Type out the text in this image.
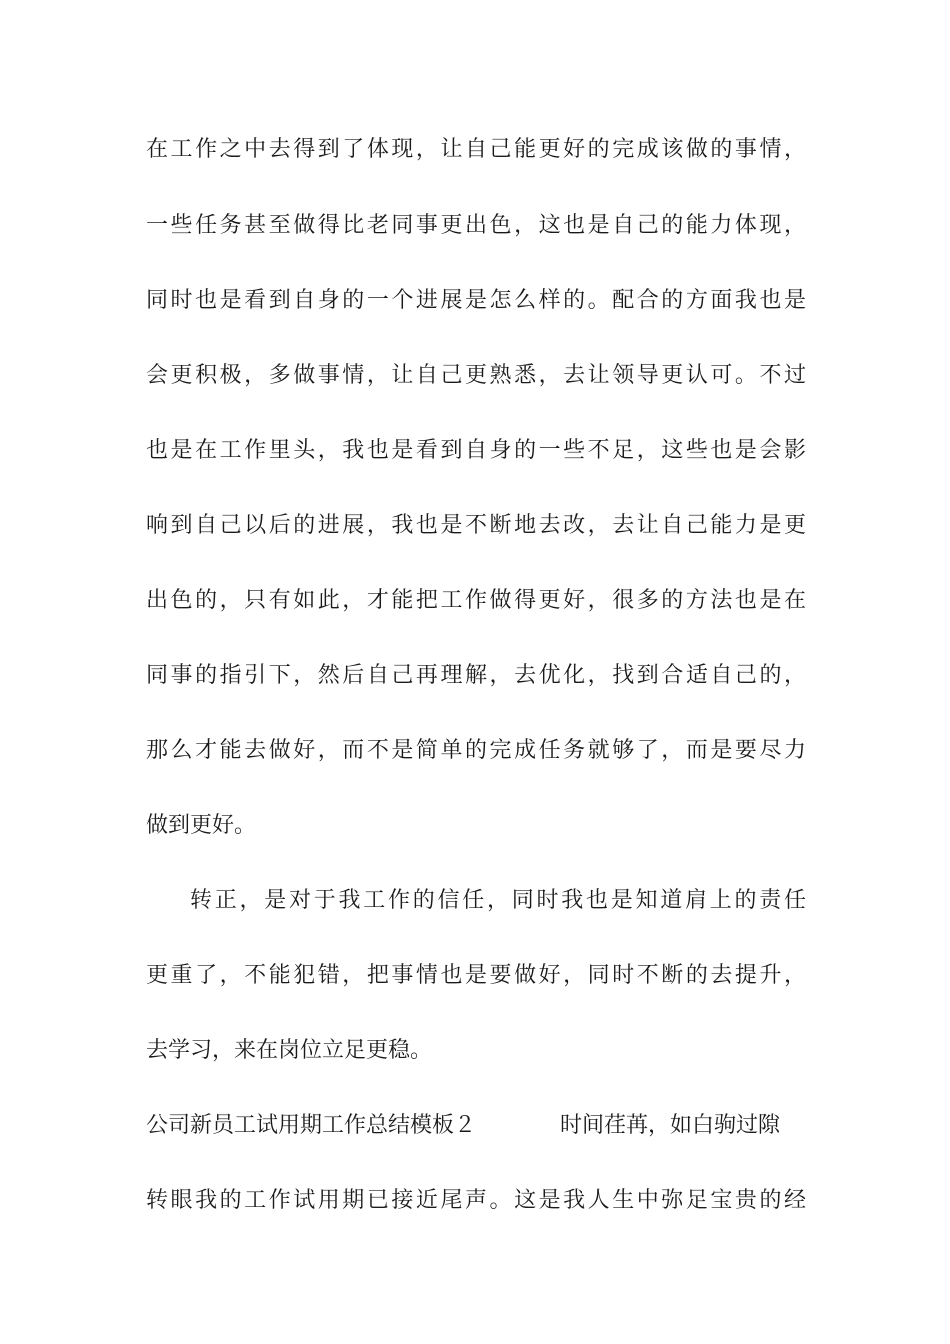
在工作之中去得到了体现，让自己能更好的完成该做的事情，
一些任务甚至做得比老同事更出色，这也是自己的能力体现，
同时也是看到自身的一个进展是怎么样的。配合的方面我也是
会更积极，多做事情，让自己更熟悉，去让领导更认可。不过
也是在工作里头，我也是看到自身的一些不足，这些也是会影
响到自己以后的进展，我也是不断地去改，去让自己能力是更
出色的，只有如此，才能把工作做得更好，很多的方法也是在
同事的指引下，然后自己再理解，去优化，找到合适自己的，
那么才能去做好，而不是简单的完成任务就够了，而是要尽力
做到更好。
转正，是对于我工作的信任，同时我也是知道肩上的责任
更重了，不能犯错，把事情也是要做好，同时不断的去提升，
去学习，来在岗位立足更稳。
公司新员工试用期工作总结模板２	时间荏苒，如白驹过隙
转眼我的工作试用期已接近尾声。这是我人生中弥足宝贵的经
